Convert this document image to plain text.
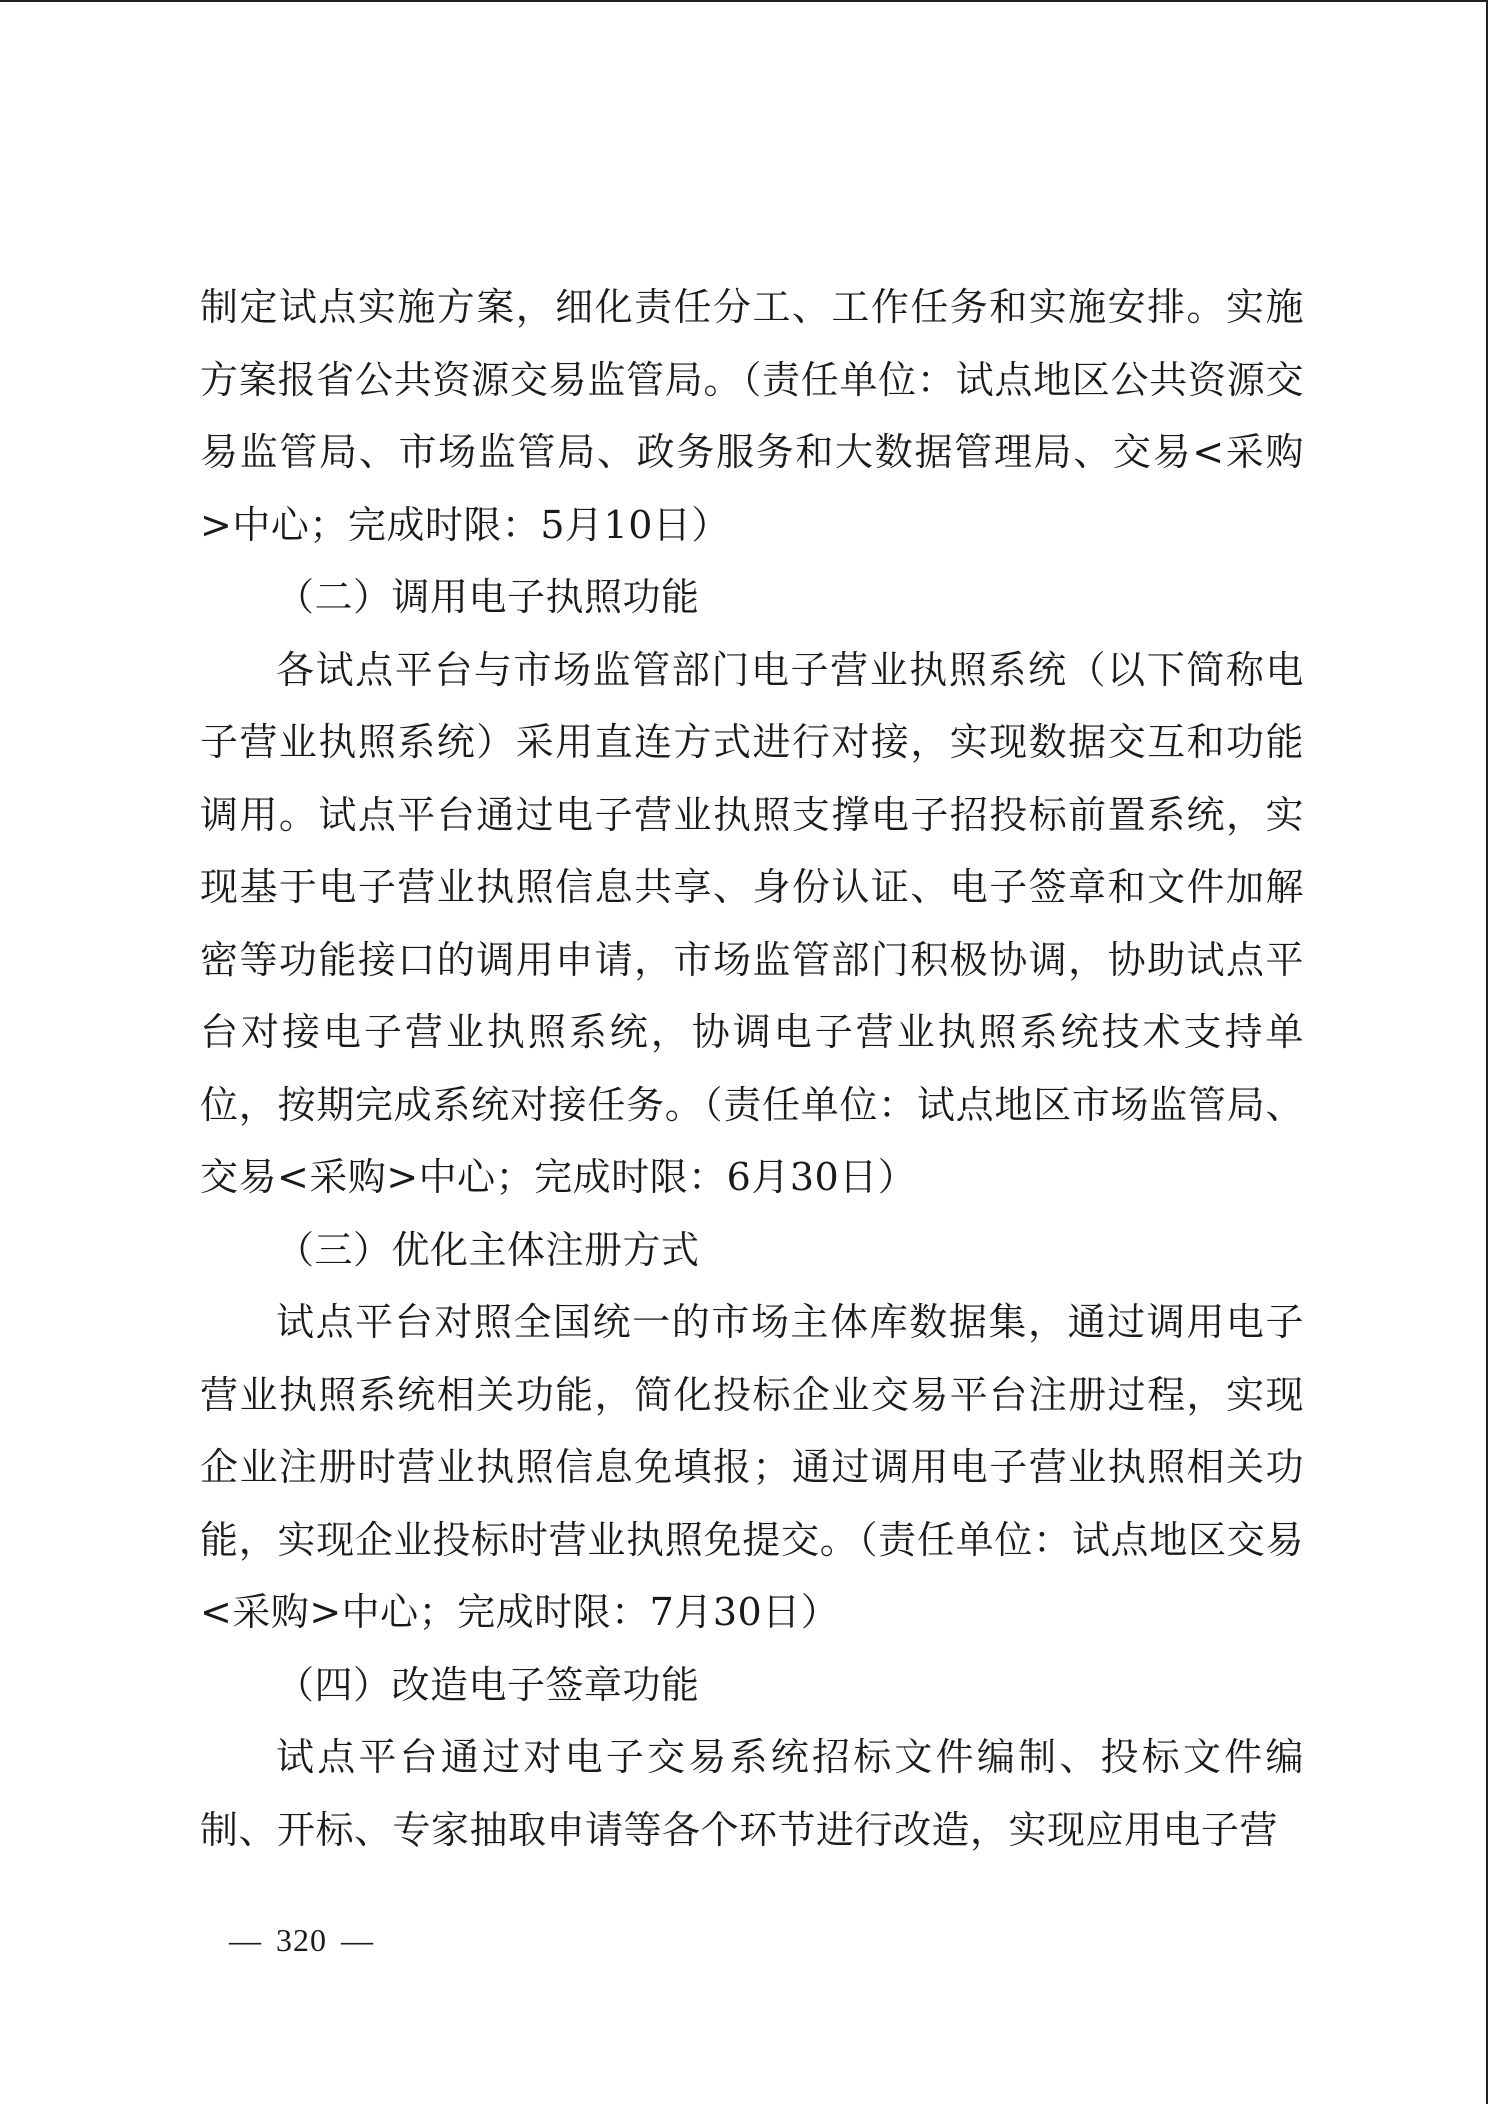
制定试点实施方案，细化责任分工、工作任务和实施安排。实施方案报省公共资源交易监管局。（责任单位：试点地区公共资源交易监管局、市场监管局、政务服务和大数据管理局、交易<采购>中心；完成时限：5月10日）

（二）调用电子执照功能

各试点平台与市场监管部门电子营业执照系统（以下简称电子营业执照系统）采用直连方式进行对接，实现数据交互和功能调用。试点平台通过电子营业执照支撑电子招投标前置系统，实现基于电子营业执照信息共享、身份认证、电子签章和文件加解密等功能接口的调用申请，市场监管部门积极协调，协助试点平台对接电子营业执照系统，协调电子营业执照系统技术支持单位，按期完成系统对接任务。（责任单位：试点地区市场监管局、交易<采购>中心；完成时限：6月30日）

（三）优化主体注册方式

试点平台对照全国统一的市场主体库数据集，通过调用电子营业执照系统相关功能，简化投标企业交易平台注册过程，实现企业注册时营业执照信息免填报；通过调用电子营业执照相关功能，实现企业投标时营业执照免提交。（责任单位：试点地区交易<采购>中心；完成时限：7月30日）

（四）改造电子签章功能

试点平台通过对电子交易系统招标文件编制、投标文件编制、开标、专家抽取申请等各个环节进行改造，实现应用电子营

— 320 —
